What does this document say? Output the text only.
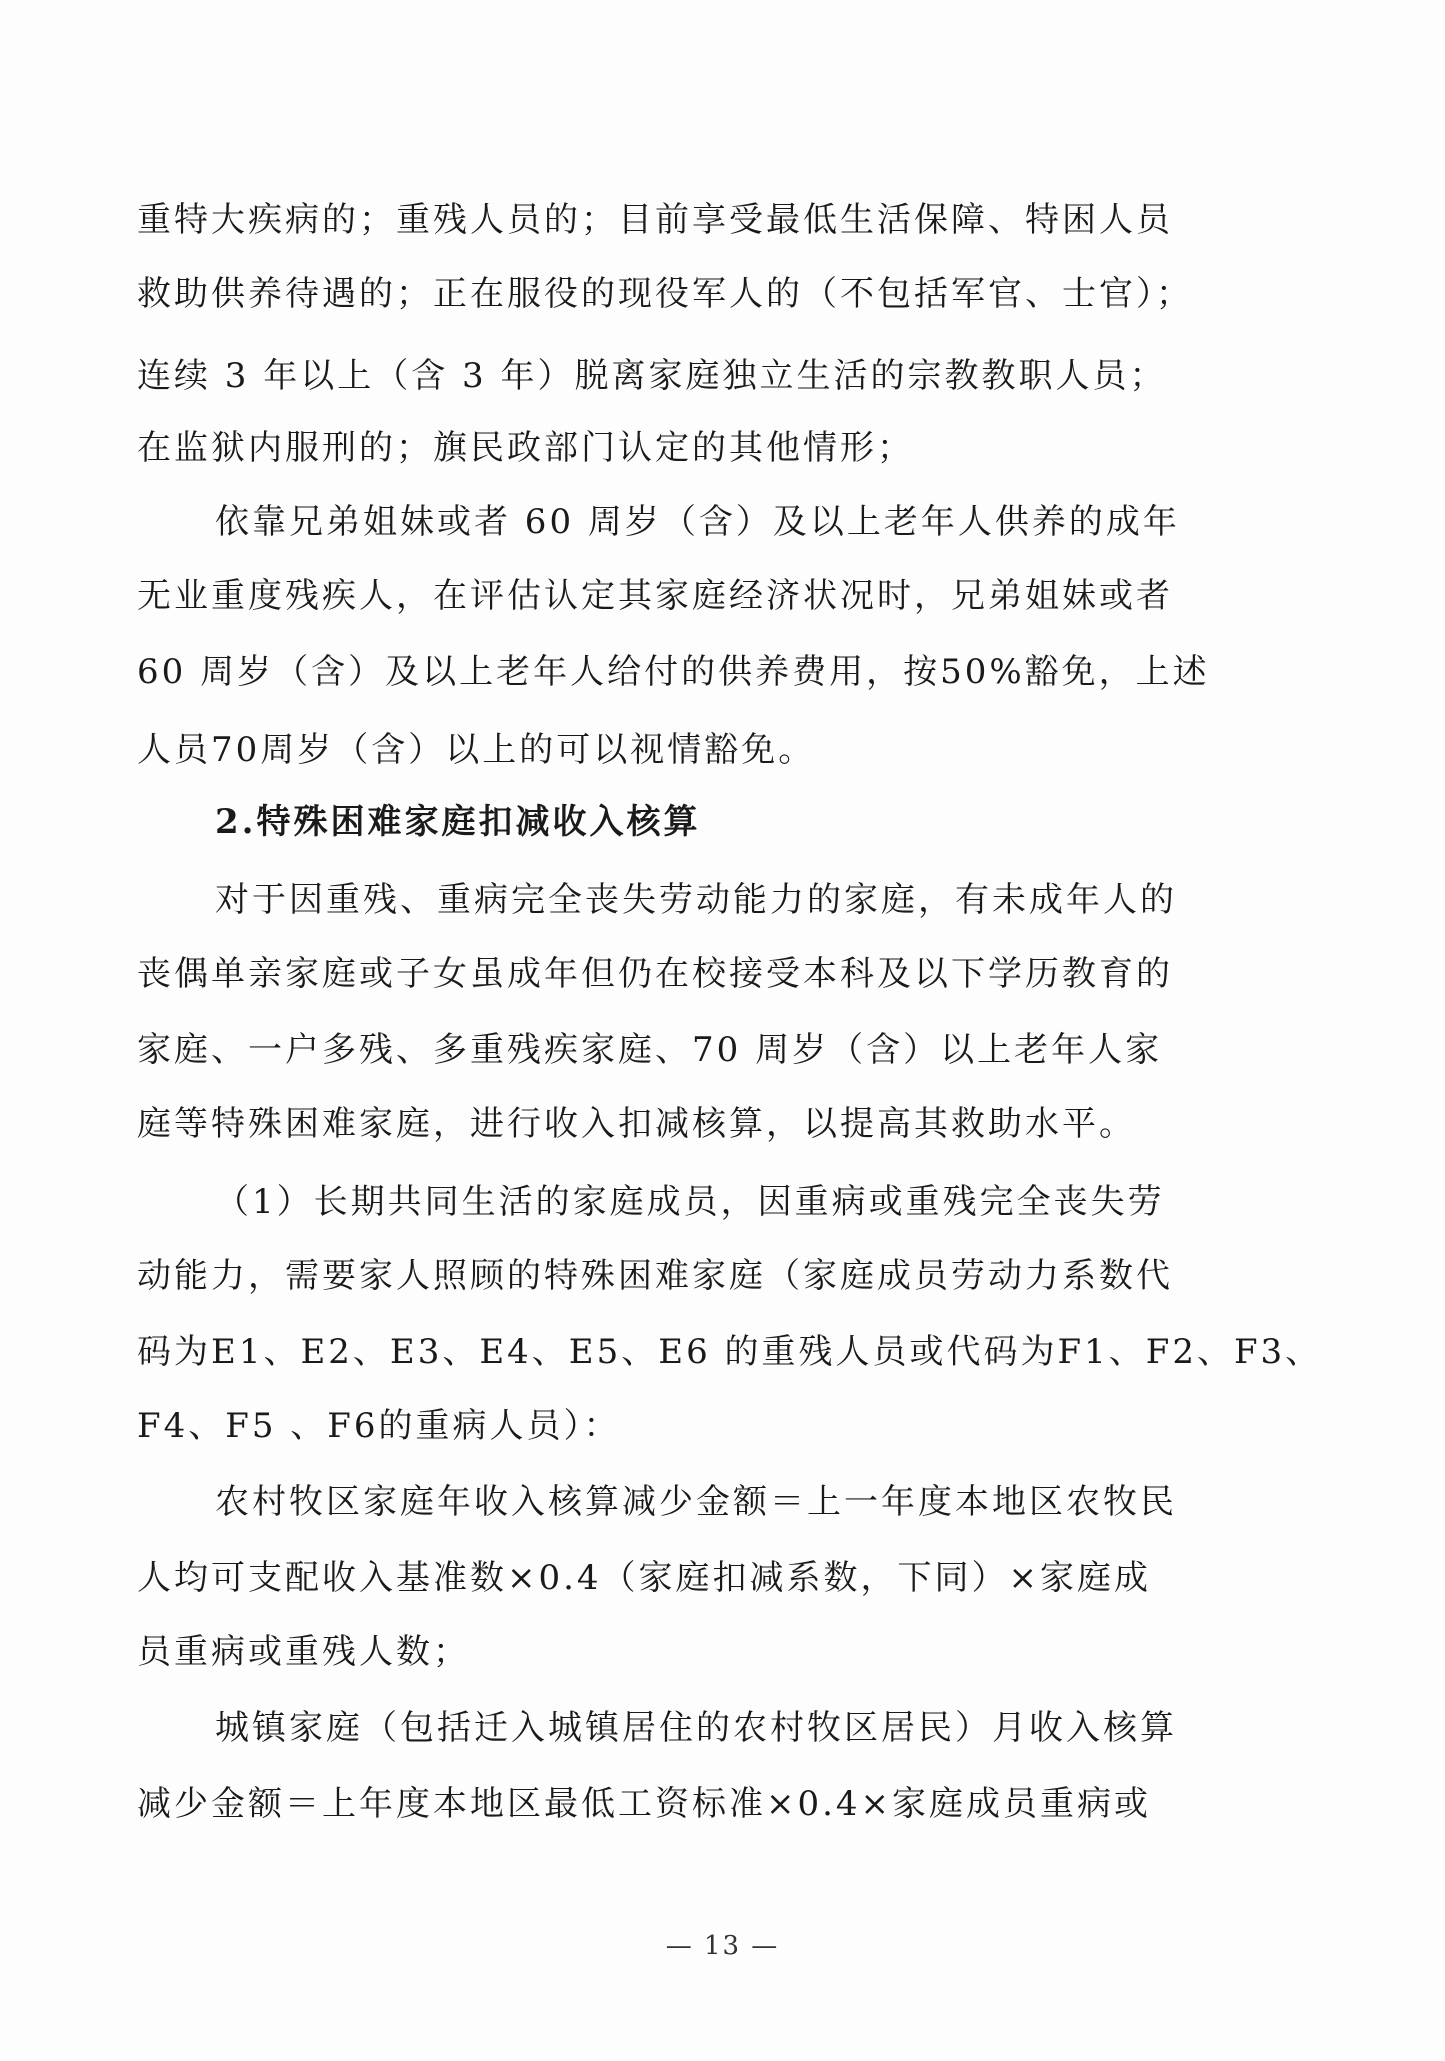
重特大疾病的；重残人员的；目前享受最低生活保障、特困人员
救助供养待遇的；正在服役的现役军人的（不包括军官、士官）；
连续 3 年以上（含 3 年）脱离家庭独立生活的宗教教职人员；
在监狱内服刑的；旗民政部门认定的其他情形；
依靠兄弟姐妹或者 60 周岁（含）及以上老年人供养的成年
无业重度残疾人，在评估认定其家庭经济状况时，兄弟姐妹或者
60 周岁（含）及以上老年人给付的供养费用，按50%豁免，上述
人员70周岁（含）以上的可以视情豁免。
2.特殊困难家庭扣减收入核算
对于因重残、重病完全丧失劳动能力的家庭，有未成年人的
丧偶单亲家庭或子女虽成年但仍在校接受本科及以下学历教育的
家庭、一户多残、多重残疾家庭、70 周岁（含）以上老年人家
庭等特殊困难家庭，进行收入扣减核算，以提高其救助水平。
（1）长期共同生活的家庭成员，因重病或重残完全丧失劳
动能力，需要家人照顾的特殊困难家庭（家庭成员劳动力系数代
码为E1、E2、E3、E4、E5、E6 的重残人员或代码为F1、F2、F3、
F4、F5 、F6的重病人员）：
农村牧区家庭年收入核算减少金额＝上一年度本地区农牧民
人均可支配收入基准数×0.4（家庭扣减系数，下同）×家庭成
员重病或重残人数；
城镇家庭（包括迁入城镇居住的农村牧区居民）月收入核算
减少金额＝上年度本地区最低工资标准×0.4×家庭成员重病或
— 13 —
